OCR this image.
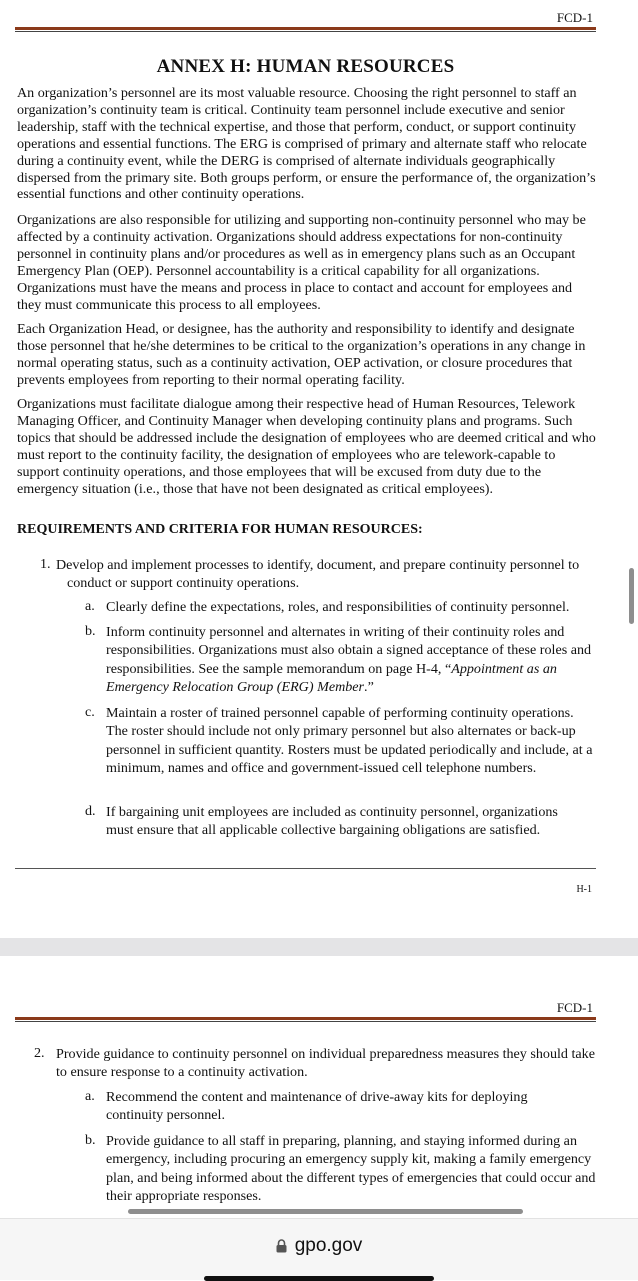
FCD-1
ANNEX H: HUMAN RESOURCES

An organization’s personnel are its most valuable resource. Choosing the right personnel to staff an organization’s continuity team is critical. Continuity team personnel include executive and senior leadership, staff with the technical expertise, and those that perform, conduct, or support continuity operations and essential functions. The ERG is comprised of primary and alternate staff who relocate during a continuity event, while the DERG is comprised of alternate individuals geographically dispersed from the primary site. Both groups perform, or ensure the performance of, the organization’s essential functions and other continuity operations.

Organizations are also responsible for utilizing and supporting non-continuity personnel who may be affected by a continuity activation. Organizations should address expectations for non-continuity personnel in continuity plans and/or procedures as well as in emergency plans such as an Occupant Emergency Plan (OEP). Personnel accountability is a critical capability for all organizations. Organizations must have the means and process in place to contact and account for employees and they must communicate this process to all employees.

Each Organization Head, or designee, has the authority and responsibility to identify and designate those personnel that he/she determines to be critical to the organization’s operations in any change in normal operating status, such as a continuity activation, OEP activation, or closure procedures that prevents employees from reporting to their normal operating facility.

Organizations must facilitate dialogue among their respective head of Human Resources, Telework Managing Officer, and Continuity Manager when developing continuity plans and programs. Such topics that should be addressed include the designation of employees who are deemed critical and who must report to the continuity facility, the designation of employees who are telework-capable to support continuity operations, and those employees that will be excused from duty due to the emergency situation (i.e., those that have not been designated as critical employees).

REQUIREMENTS AND CRITERIA FOR HUMAN RESOURCES:
1. Develop and implement processes to identify, document, and prepare continuity personnel to conduct or support continuity operations.

a. Clearly define the expectations, roles, and responsibilities of continuity personnel.

b. Inform continuity personnel and alternates in writing of their continuity roles and responsibilities. Organizations must also obtain a signed acceptance of these roles and responsibilities. See the sample memorandum on page H-4, “Appointment as an Emergency Relocation Group (ERG) Member.”

c. Maintain a roster of trained personnel capable of performing continuity operations. The roster should include not only primary personnel but also alternates or back-up personnel in sufficient quantity. Rosters must be updated periodically and include, at a minimum, names and office and government-issued cell telephone numbers.

d. If bargaining unit employees are included as continuity personnel, organizations must ensure that all applicable collective bargaining obligations are satisfied.

H-1
FCD-1
2. Provide guidance to continuity personnel on individual preparedness measures they should take to ensure response to a continuity activation.

a. Recommend the content and maintenance of drive-away kits for deploying continuity personnel.

b. Provide guidance to all staff in preparing, planning, and staying informed during an emergency, including procuring an emergency supply kit, making a family emergency plan, and being informed about the different types of emergencies that could occur and their appropriate responses.

gpo.gov
